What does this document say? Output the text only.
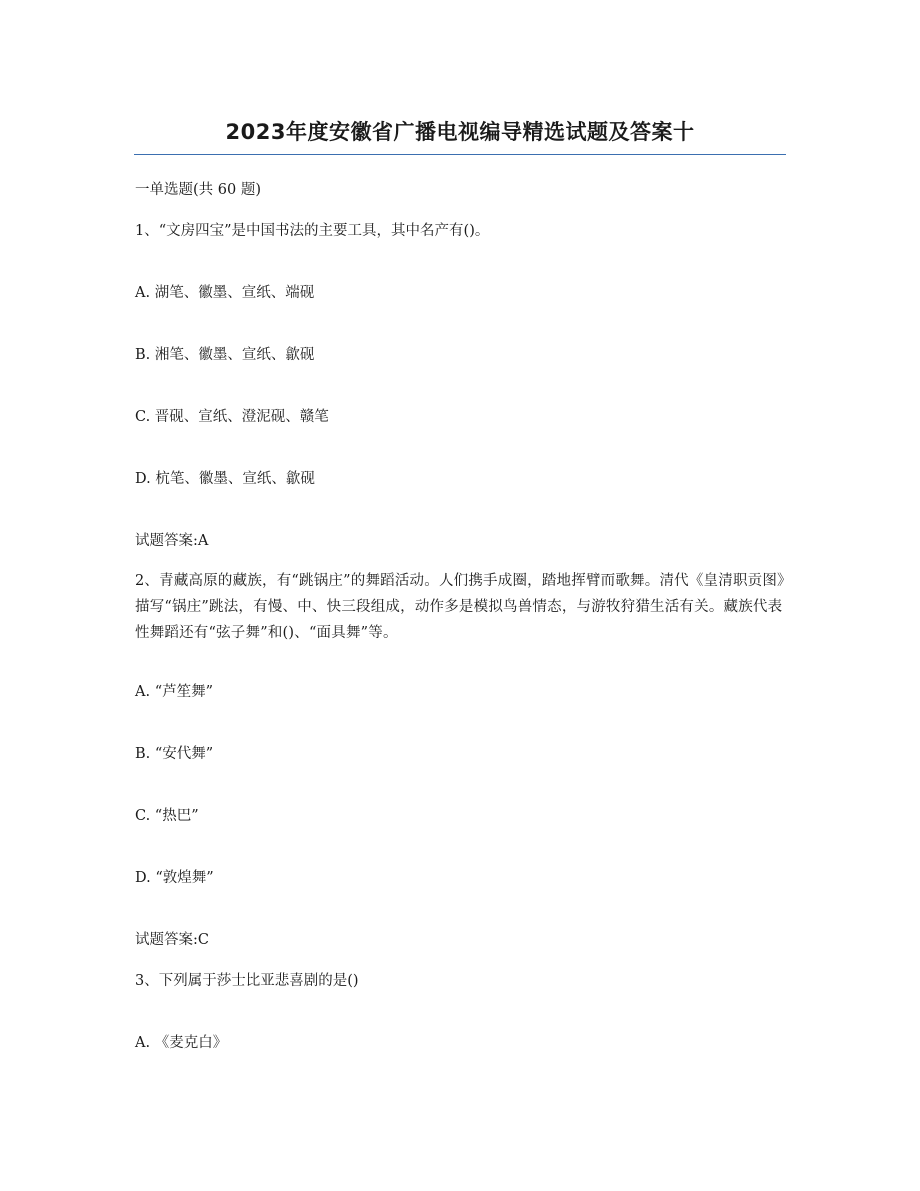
2023年度安徽省广播电视编导精选试题及答案十
一单选题(共 60 题)
1、“文房四宝”是中国书法的主要工具，其中名产有()。
A. 湖笔、徽墨、宣纸、端砚
B. 湘笔、徽墨、宣纸、歙砚
C. 晋砚、宣纸、澄泥砚、赣笔
D. 杭笔、徽墨、宣纸、歙砚
试题答案:A
2、青藏高原的藏族，有“跳锅庄”的舞蹈活动。人们携手成圈，踏地挥臂而歌舞。清代《皇清职贡图》描写“锅庄”跳法，有慢、中、快三段组成，动作多是模拟鸟兽情态，与游牧狩猎生活有关。藏族代表性舞蹈还有“弦子舞”和()、“面具舞”等。
A. “芦笙舞”
B. “安代舞”
C. “热巴”
D. “敦煌舞”
试题答案:C
3、下列属于莎士比亚悲喜剧的是()
A. 《麦克白》
